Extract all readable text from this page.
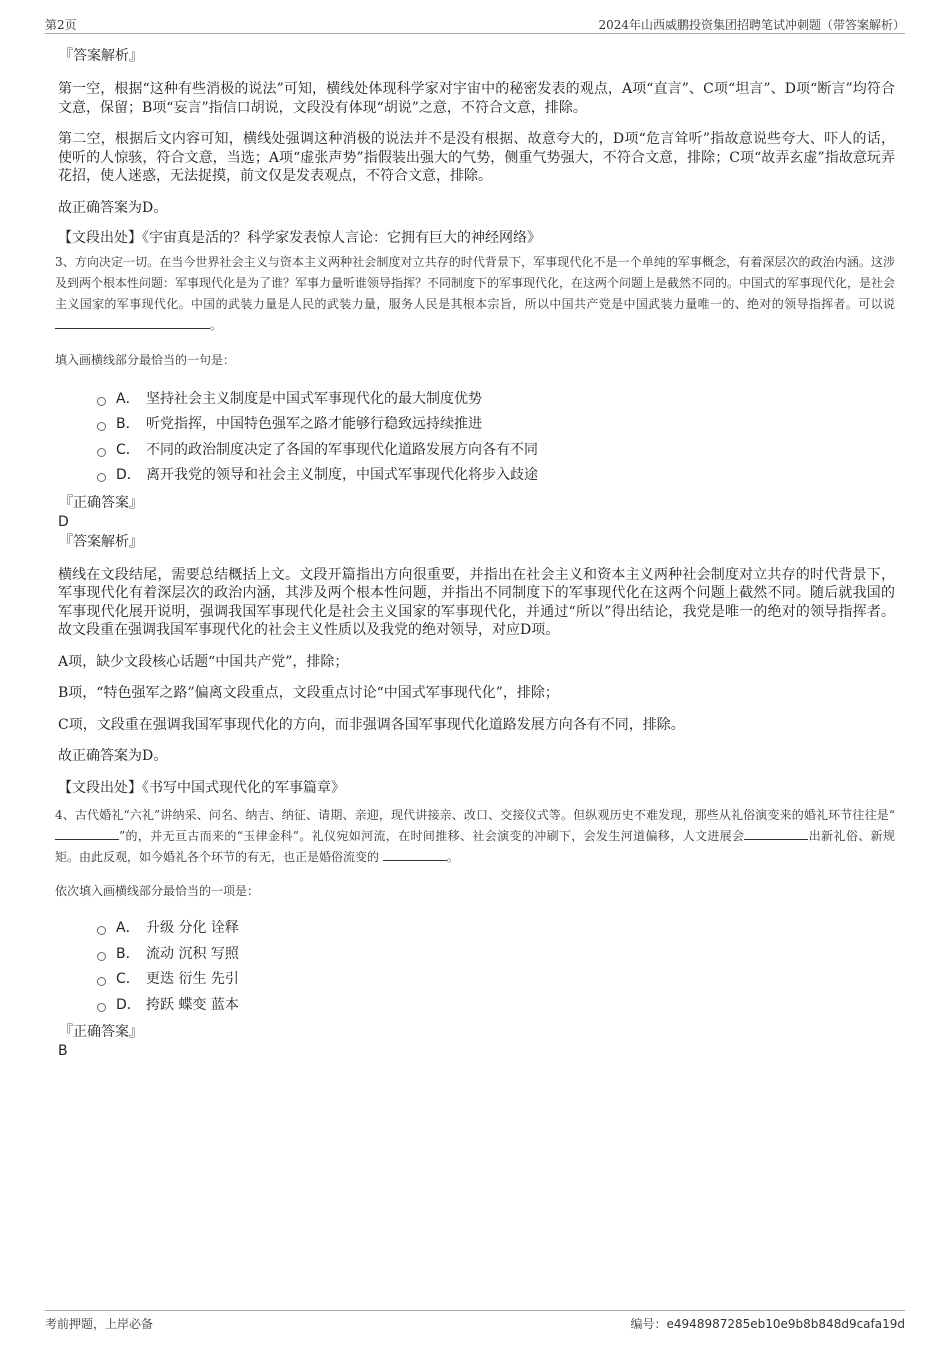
第2页	2024年山西威鹏投资集团招聘笔试冲刺题（带答案解析）
『答案解析』
第一空，根据“这种有些消极的说法”可知，横线处体现科学家对宇宙中的秘密发表的观点，A项“直言”、C项“坦言”、D项“断言”均符合文意，保留；B项“妄言”指信口胡说，文段没有体现“胡说”之意，不符合文意，排除。
第二空，根据后文内容可知，横线处强调这种消极的说法并不是没有根据、故意夸大的，D项“危言耸听”指故意说些夸大、吓人的话，使听的人惊骇，符合文意，当选；A项“虚张声势”指假装出强大的气势，侧重气势强大，不符合文意，排除；C项“故弄玄虚”指故意玩弄花招，使人迷惑，无法捉摸，前文仅是发表观点，不符合文意，排除。
故正确答案为D。
【文段出处】《宇宙真是活的？科学家发表惊人言论：它拥有巨大的神经网络》
3、方向决定一切。在当今世界社会主义与资本主义两种社会制度对立共存的时代背景下，军事现代化不是一个单纯的军事概念，有着深层次的政治内涵。这涉及到两个根本性问题：军事现代化是为了谁？军事力量听谁领导指挥？不同制度下的军事现代化，在这两个问题上是截然不同的。中国式的军事现代化，是社会主义国家的军事现代化。中国的武装力量是人民的武装力量，服务人民是其根本宗旨，所以中国共产党是中国武装力量唯一的、绝对的领导指挥者。可以说 。
填入画横线部分最恰当的一句是：
A． 坚持社会主义制度是中国式军事现代化的最大制度优势
B． 听党指挥，中国特色强军之路才能够行稳致远持续推进
C． 不同的政治制度决定了各国的军事现代化道路发展方向各有不同
D． 离开我党的领导和社会主义制度，中国式军事现代化将步入歧途
『正确答案』
D
『答案解析』
横线在文段结尾，需要总结概括上文。文段开篇指出方向很重要，并指出在社会主义和资本主义两种社会制度对立共存的时代背景下，军事现代化有着深层次的政治内涵，其涉及两个根本性问题，并指出不同制度下的军事现代化在这两个问题上截然不同。随后就我国的军事现代化展开说明，强调我国军事现代化是社会主义国家的军事现代化，并通过“所以”得出结论，我党是唯一的绝对的领导指挥者。故文段重在强调我国军事现代化的社会主义性质以及我党的绝对领导，对应D项。
A项，缺少文段核心话题“中国共产党”，排除；
B项，“特色强军之路”偏离文段重点，文段重点讨论“中国式军事现代化”，排除；
C项，文段重在强调我国军事现代化的方向，而非强调各国军事现代化道路发展方向各有不同，排除。
故正确答案为D。
【文段出处】《书写中国式现代化的军事篇章》
4、古代婚礼“六礼”讲纳采、问名、纳吉、纳征、请期、亲迎，现代讲接亲、改口、交接仪式等。但纵观历史不难发现，那些从礼俗演变来的婚礼环节往往是“ ”的，并无亘古而来的“玉律金科”。礼仪宛如河流，在时间推移、社会演变的冲刷下，会发生河道偏移，人文进展会	出新礼俗、新规矩。由此反观，如今婚礼各个环节的有无，也正是婚俗流变的	。
依次填入画横线部分最恰当的一项是：
A． 升级 分化 诠释
B． 流动 沉积 写照
C． 更迭 衍生 先引
D． 挎跃 蝶变 蓝本
『正确答案』
B
考前押题，上岸必备	编号：e4948987285eb10e9b8b848d9cafa19d
